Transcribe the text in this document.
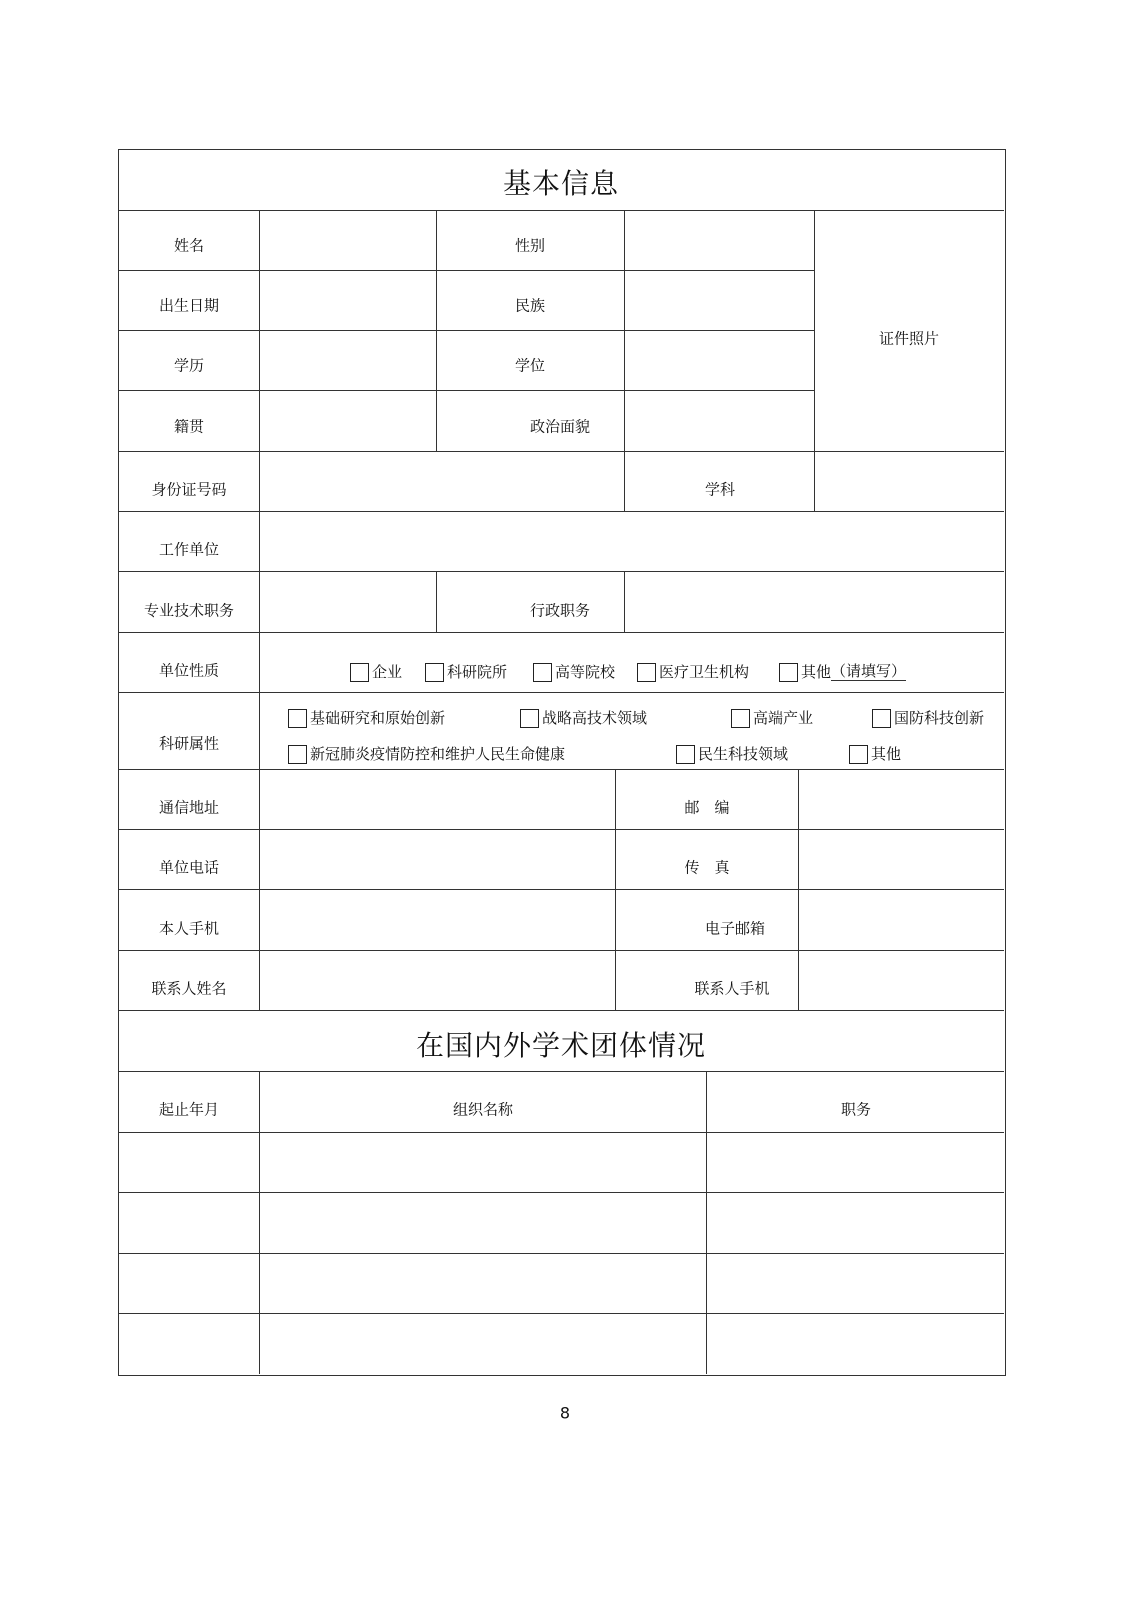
基本信息
姓名	性别
证件照片
出生日期	民族
学历	学位
籍贯	政治面貌
身份证号码	学科
工作单位
专业技术职务	行政职务
单位性质	企业	科研院所	高等院校	医疗卫生机构	其他 （请填写）
科研属性
基础研究和原始创新	战略高技术领域	高端产业	国防科技创新
新冠肺炎疫情防控和维护人民生命健康	民生科技领域	其他
通信地址	邮　编
单位电话	传　真
本人手机	电子邮箱
联系人姓名	联系人手机
在国内外学术团体情况
起止年月	组织名称	职务
8
